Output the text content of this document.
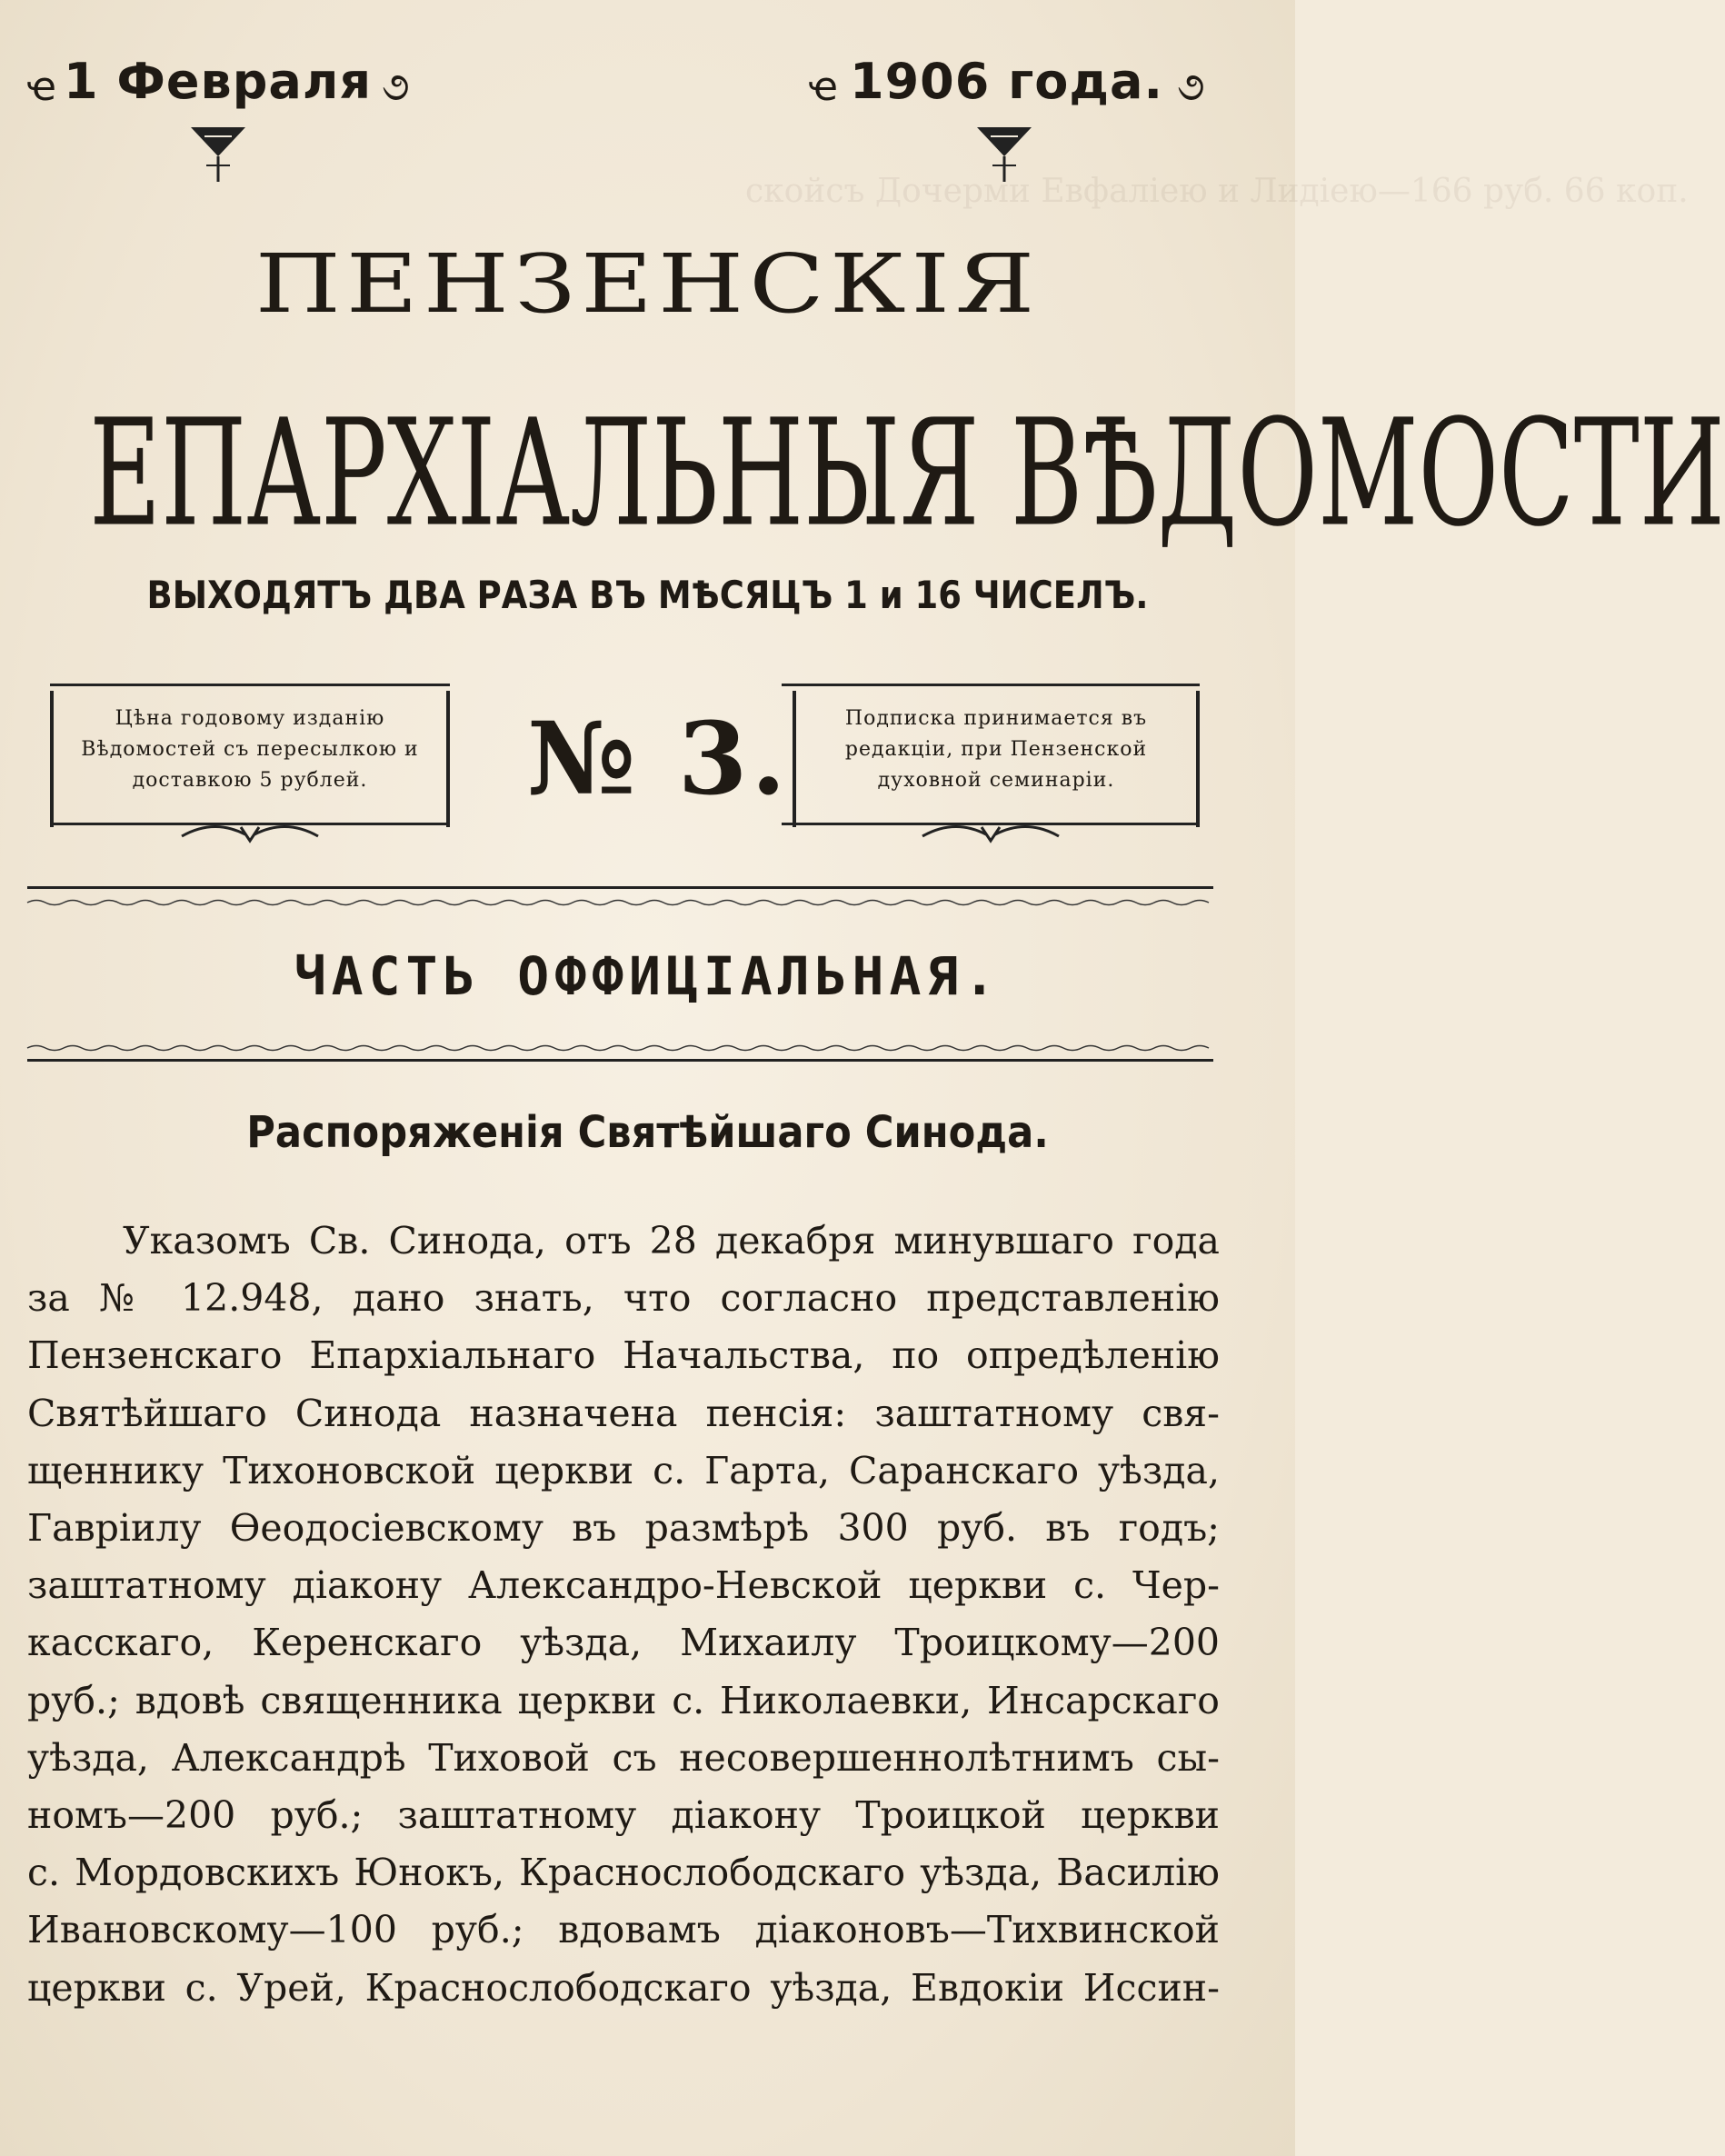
скойcъ Дочерми Евфаліею и Лидіею—166 руб. 66 коп.
ҽ 1 Февраля ૭	ҽ 1906 года. ૭
ПЕНЗЕНСКІЯ
ЕПАРХІАЛЬНЫЯ ВѢДОМОСТИ
ВЫХОДЯТЪ ДВА РАЗА ВЪ МѢСЯЦЪ 1 и 16 ЧИСЕЛЪ.
Цѣна годовому изданію Вѣдомостей съ пересылкою и доставкою 5 рублей.	№ 3.	Подписка принимается въ редакціи, при Пензенской духовной семинаріи.
ЧАСТЬ ОФФИЦІАЛЬНАЯ.
Распоряженія Святѣйшаго Синода.
Указомъ Св. Синода, отъ 28 декабря минувшаго года
за № 12.948, дано знать, что согласно представленію
Пензенскаго Епархіальнаго Начальства, по опредѣленію
Святѣйшаго Синода назначена пенсія: заштатному свя-
щеннику Тихоновской церкви с. Гарта, Саранскаго уѣзда,
Гавріилу Ѳеодосіевскому въ размѣрѣ 300 руб. въ годъ;
заштатному діакону Александро-Невской церкви с. Чер-
касскаго, Керенскаго уѣзда, Михаилу Троицкому—200
руб.; вдовѣ священника церкви с. Николаевки, Инсарскаго
уѣзда, Александрѣ Тиховой съ несовершеннолѣтнимъ сы-
номъ—200 руб.; заштатному діакону Троицкой церкви
с. Мордовскихъ Юнокъ, Краснослободскаго уѣзда, Василію
Ивановскому—100 руб.; вдовамъ діаконовъ—Тихвинской
церкви с. Урей, Краснослободскаго уѣзда, Евдокіи Иссин-
